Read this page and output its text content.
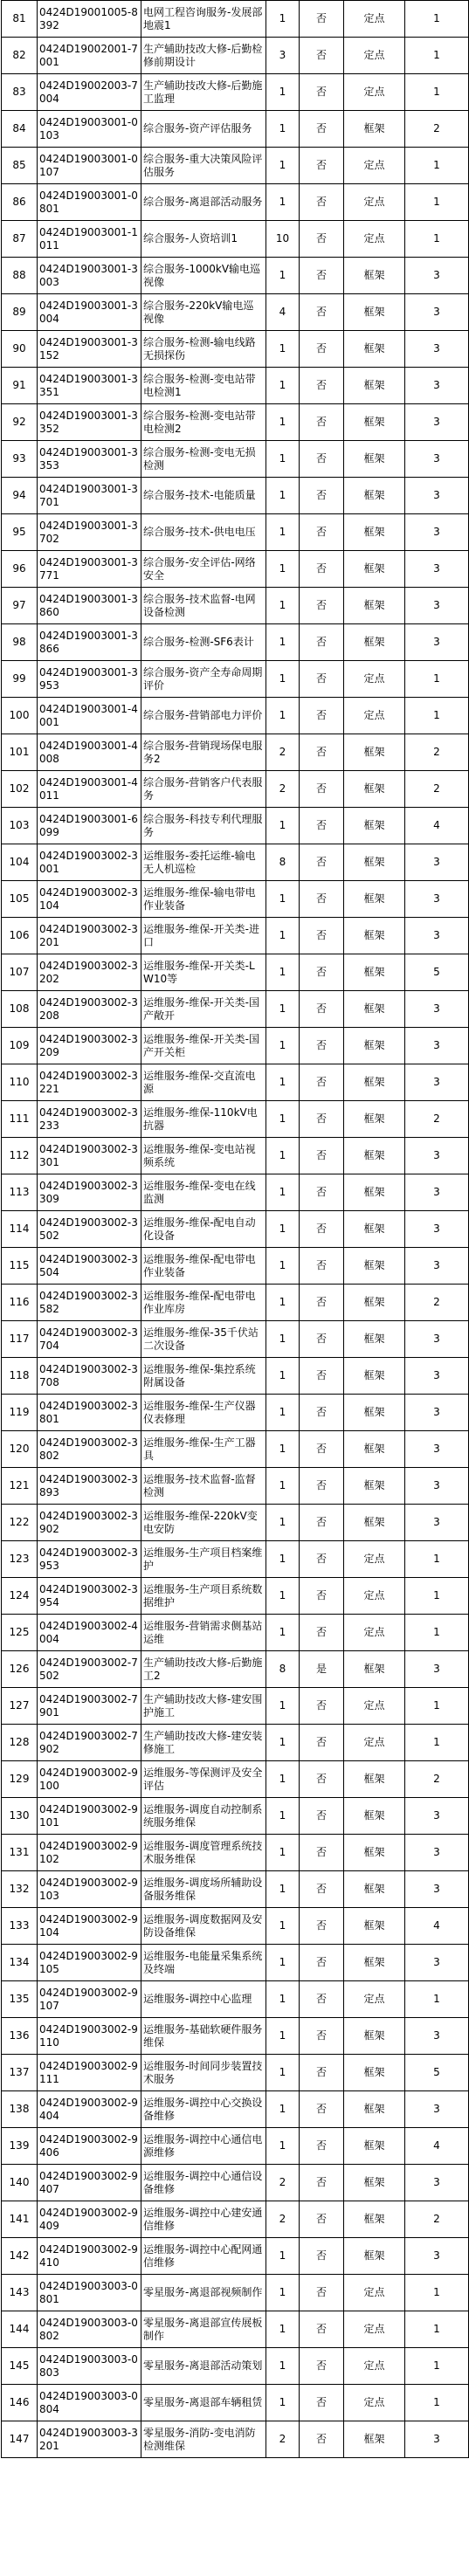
81	0424D19001005-8392	电网工程咨询服务-发展部地震1	1	否	定点	1
82	0424D19002001-7001	生产辅助技改大修-后勤检修前期设计	3	否	定点	1
83	0424D19002003-7004	生产辅助技改大修-后勤施工监理	1	否	定点	1
84	0424D19003001-0103	综合服务-资产评估服务	1	否	框架	2
85	0424D19003001-0107	综合服务-重大决策风险评估服务	1	否	定点	1
86	0424D19003001-0801	综合服务-离退部活动服务	1	否	定点	1
87	0424D19003001-1011	综合服务-人资培训1	10	否	定点	1
88	0424D19003001-3003	综合服务-1000kV输电巡视像	1	否	框架	3
89	0424D19003001-3004	综合服务-220kV输电巡视像	4	否	框架	3
90	0424D19003001-3152	综合服务-检测-输电线路无损探伤	1	否	框架	3
91	0424D19003001-3351	综合服务-检测-变电站带电检测1	1	否	框架	3
92	0424D19003001-3352	综合服务-检测-变电站带电检测2	1	否	框架	3
93	0424D19003001-3353	综合服务-检测-变电无损检测	1	否	框架	3
94	0424D19003001-3701	综合服务-技术-电能质量	1	否	框架	3
95	0424D19003001-3702	综合服务-技术-供电电压	1	否	框架	3
96	0424D19003001-3771	综合服务-安全评估-网络安全	1	否	框架	3
97	0424D19003001-3860	综合服务-技术监督-电网设备检测	1	否	框架	3
98	0424D19003001-3866	综合服务-检测-SF6表计	1	否	框架	3
99	0424D19003001-3953	综合服务-资产全寿命周期评价	1	否	定点	1
100	0424D19003001-4001	综合服务-营销部电力评价	1	否	定点	1
101	0424D19003001-4008	综合服务-营销现场保电服务2	2	否	框架	2
102	0424D19003001-4011	综合服务-营销客户代表服务	2	否	框架	2
103	0424D19003001-6099	综合服务-科技专利代理服务	1	否	框架	4
104	0424D19003002-3001	运维服务-委托运维-输电无人机巡检	8	否	框架	3
105	0424D19003002-3104	运维服务-维保-输电带电作业装备	1	否	框架	3
106	0424D19003002-3201	运维服务-维保-开关类-进口	1	否	框架	3
107	0424D19003002-3202	运维服务-维保-开关类-LW10等	1	否	框架	5
108	0424D19003002-3208	运维服务-维保-开关类-国产敞开	1	否	框架	3
109	0424D19003002-3209	运维服务-维保-开关类-国产开关柜	1	否	框架	3
110	0424D19003002-3221	运维服务-维保-交直流电源	1	否	框架	3
111	0424D19003002-3233	运维服务-维保-110kV电抗器	1	否	框架	2
112	0424D19003002-3301	运维服务-维保-变电站视频系统	1	否	框架	3
113	0424D19003002-3309	运维服务-维保-变电在线监测	1	否	框架	3
114	0424D19003002-3502	运维服务-维保-配电自动化设备	1	否	框架	3
115	0424D19003002-3504	运维服务-维保-配电带电作业装备	1	否	框架	3
116	0424D19003002-3582	运维服务-维保-配电带电作业库房	1	否	框架	2
117	0424D19003002-3704	运维服务-维保-35千伏站二次设备	1	否	框架	3
118	0424D19003002-3708	运维服务-维保-集控系统附属设备	1	否	框架	3
119	0424D19003002-3801	运维服务-维保-生产仪器仪表修理	1	否	框架	3
120	0424D19003002-3802	运维服务-维保-生产工器具	1	否	框架	3
121	0424D19003002-3893	运维服务-技术监督-监督检测	1	否	框架	3
122	0424D19003002-3902	运维服务-维保-220kV变电安防	1	否	框架	3
123	0424D19003002-3953	运维服务-生产项目档案维护	1	否	定点	1
124	0424D19003002-3954	运维服务-生产项目系统数据维护	1	否	定点	1
125	0424D19003002-4004	运维服务-营销需求侧基站运维	1	否	定点	1
126	0424D19003002-7502	生产辅助技改大修-后勤施工2	8	是	框架	3
127	0424D19003002-7901	生产辅助技改大修-建安围护施工	1	否	定点	1
128	0424D19003002-7902	生产辅助技改大修-建安装修施工	1	否	定点	1
129	0424D19003002-9100	运维服务-等保测评及安全评估	1	否	框架	2
130	0424D19003002-9101	运维服务-调度自动控制系统服务维保	1	否	框架	3
131	0424D19003002-9102	运维服务-调度管理系统技术服务维保	1	否	框架	3
132	0424D19003002-9103	运维服务-调度场所辅助设备服务维保	1	否	框架	3
133	0424D19003002-9104	运维服务-调度数据网及安防设备维保	1	否	框架	4
134	0424D19003002-9105	运维服务-电能量采集系统及终端	1	否	框架	3
135	0424D19003002-9107	运维服务-调控中心监理	1	否	定点	1
136	0424D19003002-9110	运维服务-基础软硬件服务维保	1	否	框架	3
137	0424D19003002-9111	运维服务-时间同步装置技术服务	1	否	框架	5
138	0424D19003002-9404	运维服务-调控中心交换设备维修	1	否	框架	3
139	0424D19003002-9406	运维服务-调控中心通信电源维修	1	否	框架	4
140	0424D19003002-9407	运维服务-调控中心通信设备维修	2	否	框架	3
141	0424D19003002-9409	运维服务-调控中心建安通信维修	2	否	框架	2
142	0424D19003002-9410	运维服务-调控中心配网通信维修	1	否	框架	3
143	0424D19003003-0801	零星服务-离退部视频制作	1	否	定点	1
144	0424D19003003-0802	零星服务-离退部宣传展板制作	1	否	定点	1
145	0424D19003003-0803	零星服务-离退部活动策划	1	否	定点	1
146	0424D19003003-0804	零星服务-离退部车辆租赁	1	否	定点	1
147	0424D19003003-3201	零星服务-消防-变电消防检测维保	2	否	框架	3
